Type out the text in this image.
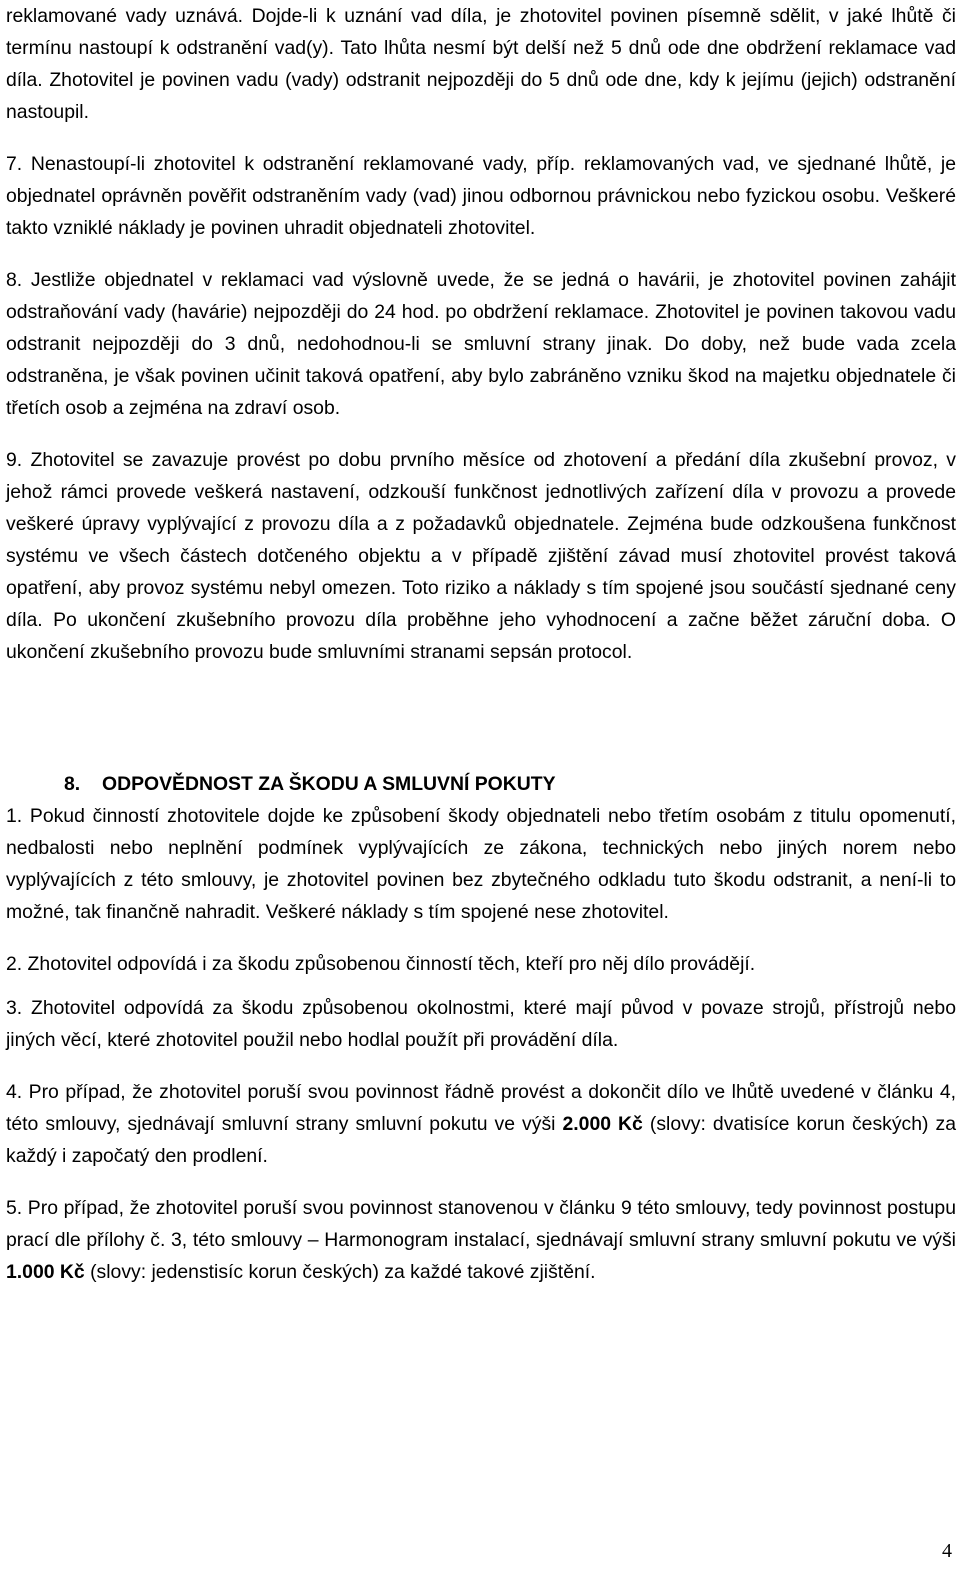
reklamované vady uznává. Dojde-li k uznání vad díla, je zhotovitel povinen písemně sdělit, v jaké lhůtě či termínu nastoupí k odstranění vad(y). Tato lhůta nesmí být delší než 5 dnů ode dne obdržení reklamace vad díla. Zhotovitel je povinen vadu (vady) odstranit nejpozději do 5 dnů ode dne, kdy k jejímu (jejich) odstranění nastoupil.

7. Nenastoupí-li zhotovitel k odstranění reklamované vady, příp. reklamovaných vad, ve sjednané lhůtě, je objednatel oprávněn pověřit odstraněním vady (vad) jinou odbornou právnickou nebo fyzickou osobu. Veškeré takto vzniklé náklady je povinen uhradit objednateli zhotovitel.

8. Jestliže objednatel v reklamaci vad výslovně uvede, že se jedná o havárii, je zhotovitel povinen zahájit odstraňování vady (havárie) nejpozději do 24 hod. po obdržení reklamace. Zhotovitel je povinen takovou vadu odstranit nejpozději do 3 dnů, nedohodnou-li se smluvní strany jinak. Do doby, než bude vada zcela odstraněna, je však povinen učinit taková opatření, aby bylo zabráněno vzniku škod na majetku objednatele či třetích osob a zejména na zdraví osob.

9. Zhotovitel se zavazuje provést po dobu prvního měsíce od zhotovení a předání díla zkušební provoz, v jehož rámci provede veškerá nastavení, odzkouší funkčnost jednotlivých zařízení díla v provozu a provede veškeré úpravy vyplývající z provozu díla a z požadavků objednatele. Zejména bude odzkoušena funkčnost systému ve všech částech dotčeného objektu a v případě zjištění závad musí zhotovitel provést taková opatření, aby provoz systému nebyl omezen. Toto riziko a náklady s tím spojené jsou součástí sjednané ceny díla. Po ukončení zkušebního provozu díla proběhne jeho vyhodnocení a začne běžet záruční doba. O ukončení zkušebního provozu bude smluvními stranami sepsán protocol.

8. ODPOVĚDNOST ZA ŠKODU A SMLUVNÍ POKUTY

1. Pokud činností zhotovitele dojde ke způsobení škody objednateli nebo třetím osobám z titulu opomenutí, nedbalosti nebo neplnění podmínek vyplývajících ze zákona, technických nebo jiných norem nebo vyplývajících z této smlouvy, je zhotovitel povinen bez zbytečného odkladu tuto škodu odstranit, a není-li to možné, tak finančně nahradit. Veškeré náklady s tím spojené nese zhotovitel.

2. Zhotovitel odpovídá i za škodu způsobenou činností těch, kteří pro něj dílo provádějí.

3. Zhotovitel odpovídá za škodu způsobenou okolnostmi, které mají původ v povaze strojů, přístrojů nebo jiných věcí, které zhotovitel použil nebo hodlal použít při provádění díla.

4. Pro případ, že zhotovitel poruší svou povinnost řádně provést a dokončit dílo ve lhůtě uvedené v článku 4, této smlouvy, sjednávají smluvní strany smluvní pokutu ve výši 2.000 Kč (slovy: dvatisíce korun českých) za každý i započatý den prodlení.

5. Pro případ, že zhotovitel poruší svou povinnost stanovenou v článku 9 této smlouvy, tedy povinnost postupu prací dle přílohy č. 3, této smlouvy – Harmonogram instalací, sjednávají smluvní strany smluvní pokutu ve výši 1.000 Kč (slovy: jedenstisíc korun českých) za každé takové zjištění.

4
